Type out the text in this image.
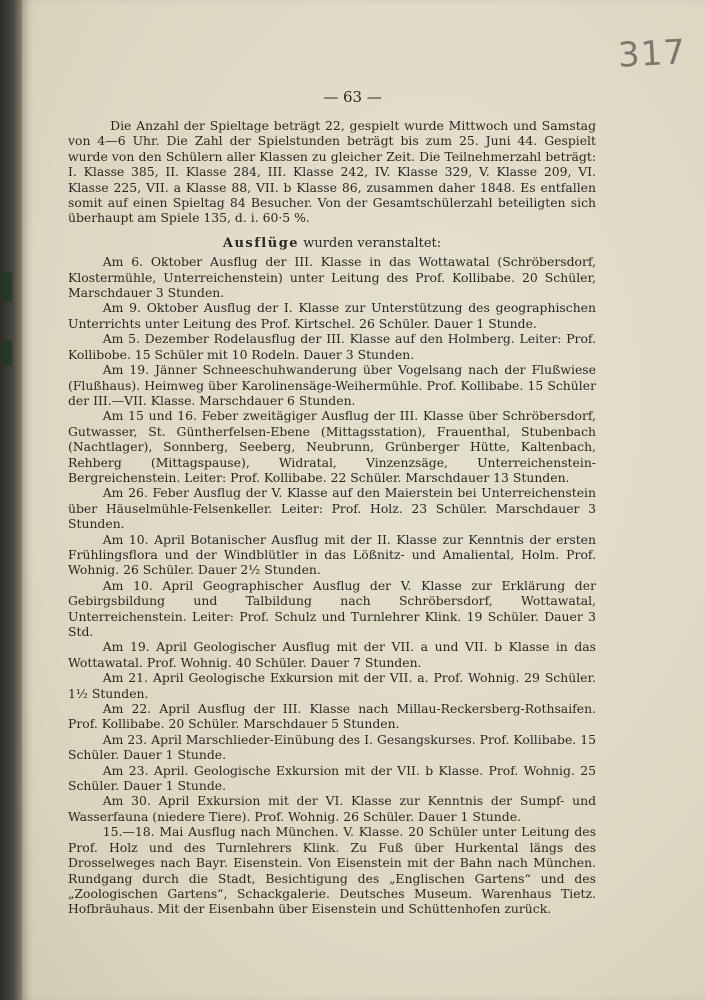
317
— 63 —

Die Anzahl der Spieltage beträgt 22, gespielt wurde Mittwoch und Samstag von 4—6 Uhr. Die Zahl der Spielstunden beträgt bis zum 25. Juni 44. Gespielt wurde von den Schülern aller Klassen zu gleicher Zeit. Die Teilnehmerzahl beträgt: I. Klasse 385, II. Klasse 284, III. Klasse 242, IV. Klasse 329, V. Klasse 209, VI. Klasse 225, VII. a Klasse 88, VII. b Klasse 86, zusammen daher 1848. Es entfallen somit auf einen Spieltag 84 Besucher. Von der Gesamtschülerzahl beteiligten sich überhaupt am Spiele 135, d. i. 60·5 %.

Ausflüge wurden veranstaltet:

Am 6. Oktober Ausflug der III. Klasse in das Wottawatal (Schröbersdorf, Klostermühle, Unterreichenstein) unter Leitung des Prof. Kollibabe. 20 Schüler, Marschdauer 3 Stunden.

Am 9. Oktober Ausflug der I. Klasse zur Unterstützung des geographischen Unterrichts unter Leitung des Prof. Kirtschel. 26 Schüler. Dauer 1 Stunde.

Am 5. Dezember Rodelausflug der III. Klasse auf den Holmberg. Leiter: Prof. Kollibobe. 15 Schüler mit 10 Rodeln. Dauer 3 Stunden.

Am 19. Jänner Schneeschuhwanderung über Vogelsang nach der Flußwiese (Flußhaus). Heimweg über Karolinensäge-Weihermühle. Prof. Kollibabe. 15 Schüler der III.—VII. Klasse. Marschdauer 6 Stunden.

Am 15 und 16. Feber zweitägiger Ausflug der III. Klasse über Schröbersdorf, Gutwasser, St. Güntherfelsen-Ebene (Mittagsstation), Frauenthal, Stubenbach (Nachtlager), Sonnberg, Seeberg, Neubrunn, Grünberger Hütte, Kaltenbach, Rehberg (Mittagspause), Widratal, Vinzenzsäge, Unterreichenstein-Bergreichenstein. Leiter: Prof. Kollibabe. 22 Schüler. Marschdauer 13 Stunden.

Am 26. Feber Ausflug der V. Klasse auf den Maierstein bei Unterreichenstein über Häuselmühle-Felsenkeller. Leiter: Prof. Holz. 23 Schüler. Marschdauer 3 Stunden.

Am 10. April Botanischer Ausflug mit der II. Klasse zur Kenntnis der ersten Frühlingsflora und der Windblütler in das Lößnitz- und Amaliental, Holm. Prof. Wohnig. 26 Schüler. Dauer 2½ Stunden.

Am 10. April Geographischer Ausflug der V. Klasse zur Erklärung der Gebirgsbildung und Talbildung nach Schröbersdorf, Wottawatal, Unterreichenstein. Leiter: Prof. Schulz und Turnlehrer Klink. 19 Schüler. Dauer 3 Std.

Am 19. April Geologischer Ausflug mit der VII. a und VII. b Klasse in das Wottawatal. Prof. Wohnig. 40 Schüler. Dauer 7 Stunden.

Am 21. April Geologische Exkursion mit der VII. a. Prof. Wohnig. 29 Schüler. 1½ Stunden.

Am 22. April Ausflug der III. Klasse nach Millau-Reckersberg-Rothsaifen. Prof. Kollibabe. 20 Schüler. Marschdauer 5 Stunden.

Am 23. April Marschlieder-Einübung des I. Gesangskurses. Prof. Kollibabe. 15 Schüler. Dauer 1 Stunde.

Am 23. April. Geologische Exkursion mit der VII. b Klasse. Prof. Wohnig. 25 Schüler. Dauer 1 Stunde.

Am 30. April Exkursion mit der VI. Klasse zur Kenntnis der Sumpf- und Wasserfauna (niedere Tiere). Prof. Wohnig. 26 Schüler. Dauer 1 Stunde.

15.—18. Mai Ausflug nach München. V. Klasse. 20 Schüler unter Leitung des Prof. Holz und des Turnlehrers Klink. Zu Fuß über Hurkental längs des Drosselweges nach Bayr. Eisenstein. Von Eisenstein mit der Bahn nach München. Rundgang durch die Stadt, Besichtigung des „Englischen Gartens“ und des „Zoologischen Gartens“, Schackgalerie. Deutsches Museum. Warenhaus Tietz. Hofbräuhaus. Mit der Eisenbahn über Eisenstein und Schüttenhofen zurück.
